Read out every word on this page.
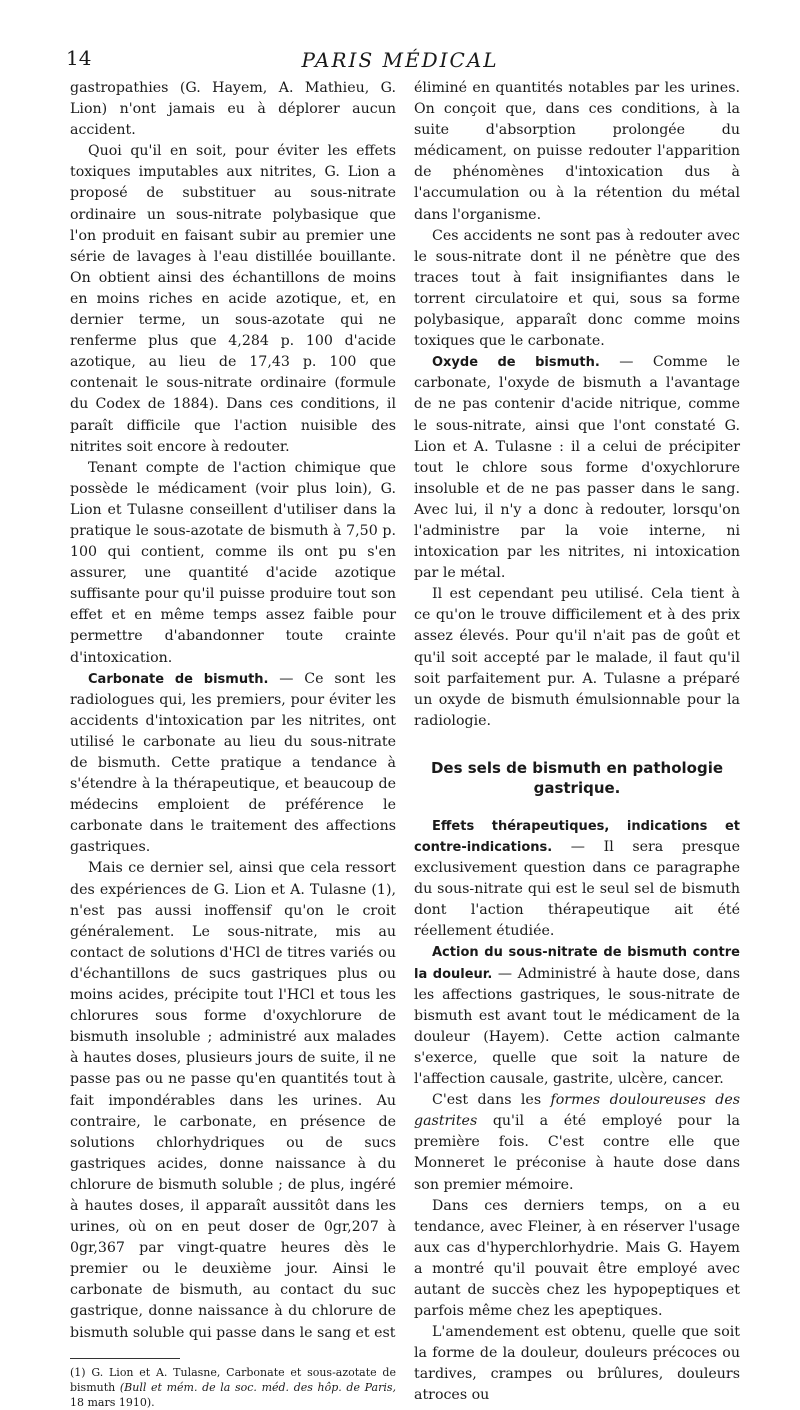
14	PARIS MÉDICAL

gastropathies (G. Hayem, A. Mathieu, G. Lion) n'ont jamais eu à déplorer aucun accident.

Quoi qu'il en soit, pour éviter les effets toxiques imputables aux nitrites, G. Lion a proposé de substituer au sous-nitrate ordinaire un sous-nitrate polybasique que l'on produit en faisant subir au premier une série de lavages à l'eau distillée bouillante. On obtient ainsi des échantillons de moins en moins riches en acide azotique, et, en dernier terme, un sous-azotate qui ne renferme plus que 4,284 p. 100 d'acide azotique, au lieu de 17,43 p. 100 que contenait le sous-nitrate ordinaire (formule du Codex de 1884). Dans ces conditions, il paraît difficile que l'action nuisible des nitrites soit encore à redouter.

Tenant compte de l'action chimique que possède le médicament (voir plus loin), G. Lion et Tulasne conseillent d'utiliser dans la pratique le sous-azotate de bismuth à 7,50 p. 100 qui contient, comme ils ont pu s'en assurer, une quantité d'acide azotique suffisante pour qu'il puisse produire tout son effet et en même temps assez faible pour permettre d'abandonner toute crainte d'intoxication.

Carbonate de bismuth. — Ce sont les radiologues qui, les premiers, pour éviter les accidents d'intoxication par les nitrites, ont utilisé le carbonate au lieu du sous-nitrate de bismuth. Cette pratique a tendance à s'étendre à la thérapeutique, et beaucoup de médecins emploient de préférence le carbonate dans le traitement des affections gastriques.

Mais ce dernier sel, ainsi que cela ressort des expériences de G. Lion et A. Tulasne (1), n'est pas aussi inoffensif qu'on le croit généralement. Le sous-nitrate, mis au contact de solutions d'HCl de titres variés ou d'échantillons de sucs gastriques plus ou moins acides, précipite tout l'HCl et tous les chlorures sous forme d'oxychlorure de bismuth insoluble ; administré aux malades à hautes doses, plusieurs jours de suite, il ne passe pas ou ne passe qu'en quantités tout à fait impondérables dans les urines. Au contraire, le carbonate, en présence de solutions chlorhydriques ou de sucs gastriques acides, donne naissance à du chlorure de bismuth soluble ; de plus, ingéré à hautes doses, il apparaît aussitôt dans les urines, où on en peut doser de 0gr,207 à 0gr,367 par vingt-quatre heures dès le premier ou le deuxième jour. Ainsi le carbonate de bismuth, au contact du suc gastrique, donne naissance à du chlorure de bismuth soluble qui passe dans le sang et est

(1) G. Lion et A. Tulasne, Carbonate et sous-azotate de bismuth (Bull et mém. de la soc. méd. des hôp. de Paris, 18 mars 1910).

éliminé en quantités notables par les urines. On conçoit que, dans ces conditions, à la suite d'absorption prolongée du médicament, on puisse redouter l'apparition de phénomènes d'intoxication dus à l'accumulation ou à la rétention du métal dans l'organisme.

Ces accidents ne sont pas à redouter avec le sous-nitrate dont il ne pénètre que des traces tout à fait insignifiantes dans le torrent circulatoire et qui, sous sa forme polybasique, apparaît donc comme moins toxiques que le carbonate.

Oxyde de bismuth. — Comme le carbonate, l'oxyde de bismuth a l'avantage de ne pas contenir d'acide nitrique, comme le sous-nitrate, ainsi que l'ont constaté G. Lion et A. Tulasne : il a celui de précipiter tout le chlore sous forme d'oxychlorure insoluble et de ne pas passer dans le sang. Avec lui, il n'y a donc à redouter, lorsqu'on l'administre par la voie interne, ni intoxication par les nitrites, ni intoxication par le métal.

Il est cependant peu utilisé. Cela tient à ce qu'on le trouve difficilement et à des prix assez élevés. Pour qu'il n'ait pas de goût et qu'il soit accepté par le malade, il faut qu'il soit parfaitement pur. A. Tulasne a préparé un oxyde de bismuth émulsionnable pour la radiologie.

Des sels de bismuth en pathologie gastrique.

Effets thérapeutiques, indications et contre-indications. — Il sera presque exclusivement question dans ce paragraphe du sous-nitrate qui est le seul sel de bismuth dont l'action thérapeutique ait été réellement étudiée.

Action du sous-nitrate de bismuth contre la douleur. — Administré à haute dose, dans les affections gastriques, le sous-nitrate de bismuth est avant tout le médicament de la douleur (Hayem). Cette action calmante s'exerce, quelle que soit la nature de l'affection causale, gastrite, ulcère, cancer.

C'est dans les formes douloureuses des gastrites qu'il a été employé pour la première fois. C'est contre elle que Monneret le préconise à haute dose dans son premier mémoire.

Dans ces derniers temps, on a eu tendance, avec Fleiner, à en réserver l'usage aux cas d'hyperchlorhydrie. Mais G. Hayem a montré qu'il pouvait être employé avec autant de succès chez les hypopeptiques et parfois même chez les apeptiques.

L'amendement est obtenu, quelle que soit la forme de la douleur, douleurs précoces ou tardives, crampes ou brûlures, douleurs atroces ou
